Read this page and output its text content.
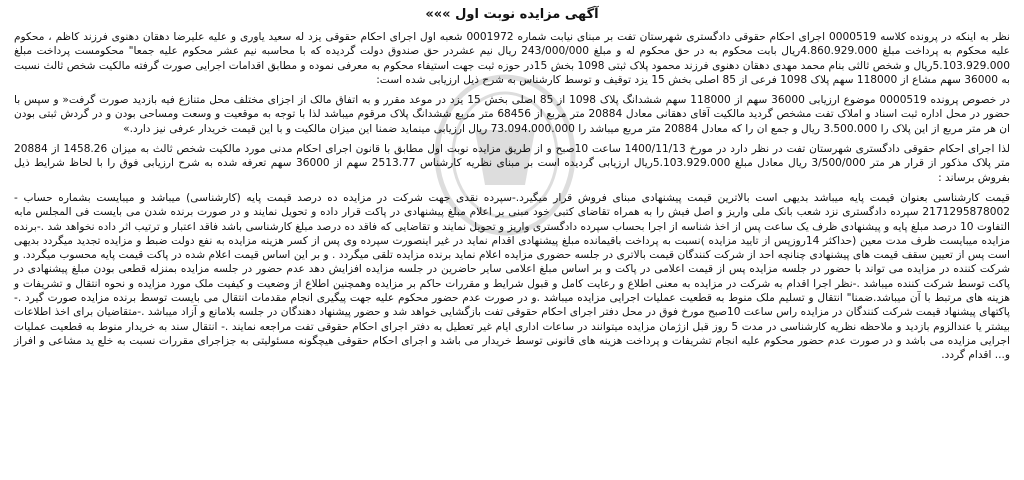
آگهی مزایده نوبت اول »»»

نظر به اینکه در پرونده کلاسه 0000519 اجرای احکام حقوقی دادگستری شهرستان تفت بر مبنای نیابت شماره 0001972 شعبه اول اجرای احکام حقوقی یزد له سعید یاوری و علیه علیرضا دهقان دهنوی فرزند کاظم ، محکوم علیه محکوم به پرداخت مبلغ 4.860.929.000ریال بابت محکوم به در حق محکوم له و مبلغ 243/000/000 ریال نیم عشردر حق صندوق دولت گردیده که با محاسبه نیم عشر محکوم علیه جمعا" محکومست پرداخت مبلغ 5.103.929.000ریال و شخص ثالثی بنام محمد مهدی دهقان دهنوی فرزند محمود پلاک ثبتی 1098 بخش 15در حوزه ثبت جهت استیفاء محکوم به معرفی نموده و مطابق اقدامات اجرایی صورت گرفته مالکیت شخص ثالث نسبت به 36000 سهم مشاع از 118000 سهم پلاک 1098 فرعی از 85 اصلی بخش 15 یزد توقیف و توسط کارشناس به شرح ذیل ارزیابی شده است:

در خصوص پرونده 0000519 موضوع ارزیابی 36000 سهم از 118000 سهم ششدانگ پلاک 1098 از 85 اصلی بخش 15 یزد در موعد مقرر و به اتفاق مالک از اجزای مختلف محل متنازع فیه بازدید صورت گرفت« و سپس با حضور در محل اداره ثبت اسناد و املاک تفت مشخص گردید مالکیت آقای دهقانی معادل 20884 متر مربع از 68456 متر مربع ششدانگ پلاک مرقوم میباشد لذا با توجه به موقعیت و وسعت ومساحی بودن و در گردش ثبتی بودن ان هر متر مربع از این پلاک را 3.500.000 ریال و جمع ان را که معادل 20884 متر مربع میباشد را 73.094.000.000 ریال ارزیابی مینماید ضمنا این میزان مالکیت و با این قیمت خریدار عرفی نیز دارد.»

لذا اجرای احکام حقوقی دادگستری شهرستان تفت در نظر دارد در مورخ 1400/11/13 ساعت 10صبح و از طریق مزایده نوبت اول مطابق با قانون اجرای احکام مدنی مورد مالکیت شخص ثالث به میزان 1458.26 از 20884 متر پلاک مذکور از قرار هر متر 3/500/000 ریال معادل مبلغ 5.103.929.000ریال ارزیابی گردیده است بر مبنای نظریه کارشناس 2513.77 سهم از 36000 سهم تعرفه شده به شرح ارزیابی فوق را با لحاظ شرایط ذیل بفروش برساند :

قیمت کارشناسی بعنوان قیمت پایه میباشد بدیهی است بالاترین قیمت پیشنهادی مبنای فروش قرار میگیرد.-سپرده نقدی جهت شرکت در مزایده ده درصد قیمت پایه (کارشناسی) میباشد و میبایست بشماره حساب - 2171295878002 سپرده دادگستری نزد شعب بانک ملی واریز و اصل فیش را به همراه تقاضای کتبی خود مبنی بر اعلام مبلغ پیشنهادی در پاکت قرار داده و تحویل نمایند و در صورت برنده شدن می بایست فی المجلس مابه التفاوت 10 درصد مبلغ پایه و پیشنهادی ظرف یک ساعت پس از اخذ شناسه از اجرا بحساب سپرده دادگستری واریز و تحویل نمایند و تقاضایی که فاقد ده درصد مبلغ کارشناسی باشد فاقد اعتبار و ترتیب اثر داده نخواهد شد .-برنده مزایده میبایست ظرف مدت معین (حداکثر 14روزپس از تایید مزایده )نسبت به پرداخت باقیمانده مبلغ پیشنهادی اقدام نماید در غیر اینصورت سپرده وی پس از کسر هزینه مزایده به نفع دولت ضبط و مزایده تجدید میگردد بدیهی است پس از تعیین سقف قیمت های پیشنهادی چنانچه احد از شرکت کنندگان قیمت بالاتری در جلسه حضوری مزایده اعلام نماید برنده مزایده تلقی میگردد . و بر این اساس قیمت اعلام شده در پاکت قیمت پایه محسوب میگردد. و شرکت کننده در مزایده می تواند با حضور در جلسه مزایده پس از قیمت اعلامی در پاکت و بر اساس مبلغ اعلامی سایر حاضرین در جلسه مزایده افزایش دهد عدم حضور در جلسه مزایده بمنزله قطعی بودن مبلغ پیشنهادی در پاکت توسط شرکت کننده میباشد .-نظر اجرا اقدام به شرکت در مزایده به معنی اطلاع و رعایت کامل و قبول شرایط و مقررات حاکم بر مزایده وهمچنین اطلاع از وضعیت و کیفیت ملک مورد مزایده و نحوه انتقال و تشریفات و هزینه های مرتبط با آن میباشد.ضمنا" انتقال و تسلیم ملک منوط به قطعیت عملیات اجرایی مزایده میباشد .و در صورت عدم حضور محکوم علیه جهت پیگیری انجام مقدمات انتقال می بایست توسط برنده مزایده صورت گیرد .-پاکتهای پیشنهاد قیمت شرکت کنندگان در مزایده راس ساعت 10صبح مورخ فوق در محل دفتر اجرای احکام حقوقی تفت بازگشایی خواهد شد و حضور پیشنهاد دهندگان در جلسه بلامانع و آزاد میباشد .-متقاضیان برای اخذ اطلاعات بیشتر یا عندالزوم بازدید و ملاحظه نظریه کارشناسی در مدت 5 روز قبل ازژمان مزایده میتوانند در ساعات اداری ایام غیر تعطیل به دفتر اجرای احکام حقوقی تفت مراجعه نمایند .- انتقال سند به خریدار منوط به قطعیت عملیات اجرایی مزایده می باشد و در صورت عدم حضور محکوم علیه انجام تشریفات و پرداخت هزینه های قانونی توسط خریدار می باشد و اجرای احکام حقوقی هیچگونه مسئولیتی به جزاجرای مقررات نسبت به خلع ید مشاعی و افراز و... اقدام گردد.
